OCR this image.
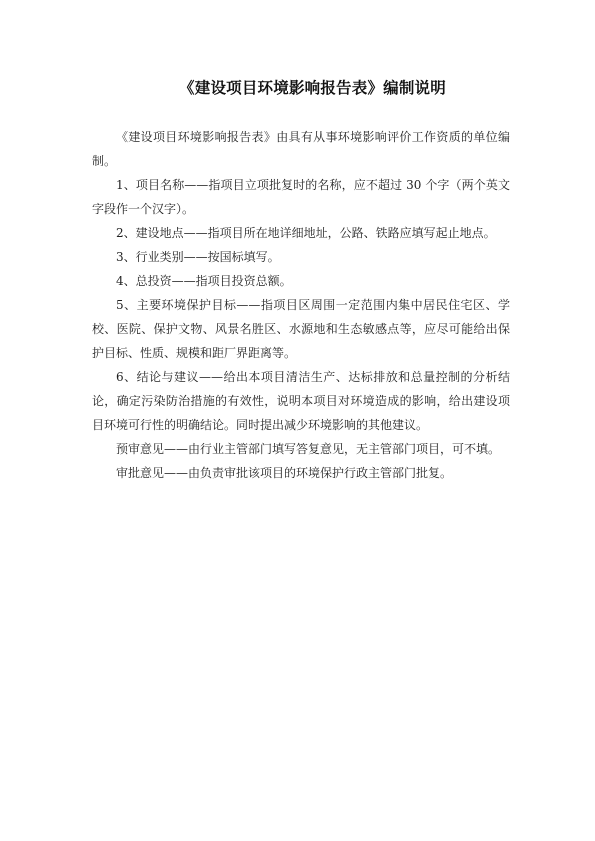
《建设项目环境影响报告表》编制说明

《建设项目环境影响报告表》由具有从事环境影响评价工作资质的单位编制。

1、项目名称——指项目立项批复时的名称，应不超过 30 个字（两个英文字段作一个汉字）。

2、建设地点——指项目所在地详细地址，公路、铁路应填写起止地点。

3、行业类别——按国标填写。

4、总投资——指项目投资总额。

5、主要环境保护目标——指项目区周围一定范围内集中居民住宅区、学校、医院、保护文物、风景名胜区、水源地和生态敏感点等，应尽可能给出保护目标、性质、规模和距厂界距离等。

6、结论与建议——给出本项目清洁生产、达标排放和总量控制的分析结论，确定污染防治措施的有效性，说明本项目对环境造成的影响，给出建设项目环境可行性的明确结论。同时提出减少环境影响的其他建议。

预审意见——由行业主管部门填写答复意见，无主管部门项目，可不填。

审批意见——由负责审批该项目的环境保护行政主管部门批复。
